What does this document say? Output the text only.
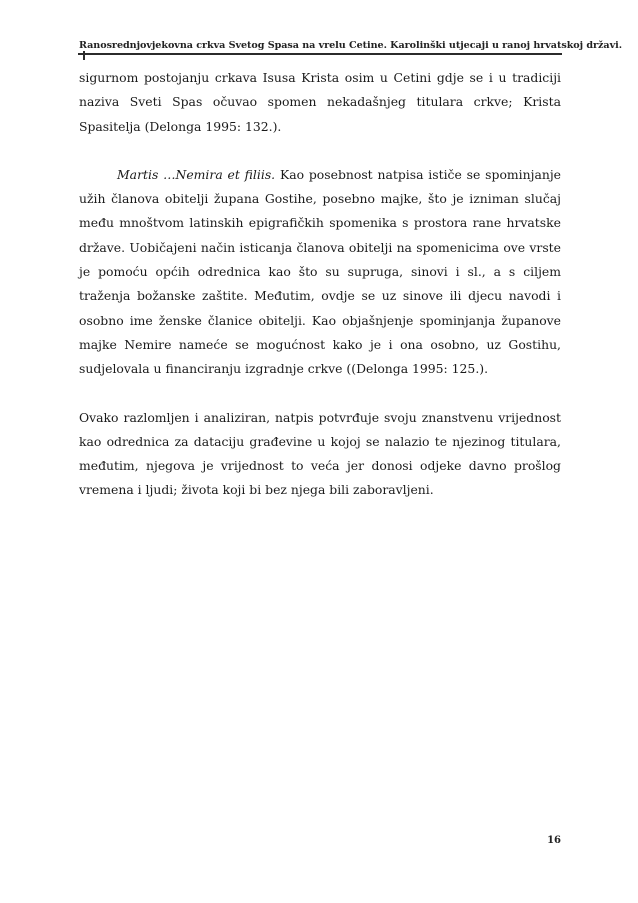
Ranosrednjovjekovna crkva Svetog Spasa na vrelu Cetine. Karolinški utjecaji u ranoj hrvatskoj državi.

sigurnom postojanju crkava Isusa Krista osim u Cetini gdje se i u tradiciji naziva Sveti Spas očuvao spomen nekadašnjeg titulara crkve; Krista Spasitelja (Delonga 1995: 132.).

Martis …Nemira et filiis. Kao posebnost natpisa ističe se spominjanje užih članova obitelji župana Gostihe, posebno majke, što je izniman slučaj među mnoštvom latinskih epigrafičkih spomenika s prostora rane hrvatske države. Uobičajeni način isticanja članova obitelji na spomenicima ove vrste je pomoću općih odrednica kao što su supruga, sinovi i sl., a s ciljem traženja božanske zaštite. Međutim, ovdje se uz sinove ili djecu navodi i osobno ime ženske članice obitelji. Kao objašnjenje spominjanja županove majke Nemire nameće se mogućnost kako je i ona osobno, uz Gostihu, sudjelovala u financiranju izgradnje crkve ((Delonga 1995: 125.).

Ovako razlomljen i analiziran, natpis potvrđuje svoju znanstvenu vrijednost kao odrednica za dataciju građevine u kojoj se nalazio te njezinog titulara, međutim, njegova je vrijednost to veća jer donosi odjeke davno prošlog vremena i ljudi; života koji bi bez njega bili zaboravljeni.

16
